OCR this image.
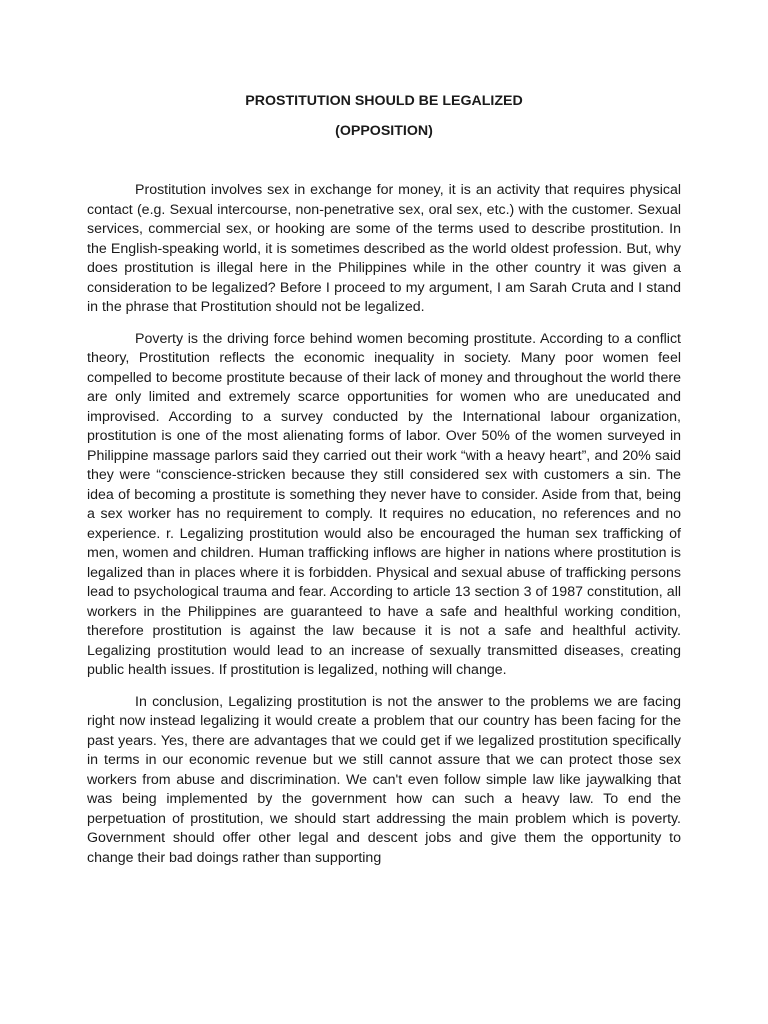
PROSTITUTION SHOULD BE LEGALIZED
(OPPOSITION)

Prostitution involves sex in exchange for money, it is an activity that requires physical contact (e.g. Sexual intercourse, non-penetrative sex, oral sex, etc.) with the customer. Sexual services, commercial sex, or hooking are some of the terms used to describe prostitution. In the English-speaking world, it is sometimes described as the world oldest profession. But, why does prostitution is illegal here in the Philippines while in the other country it was given a consideration to be legalized? Before I proceed to my argument, I am Sarah Cruta and I stand in the phrase that Prostitution should not be legalized.

Poverty is the driving force behind women becoming prostitute. According to a conflict theory, Prostitution reflects the economic inequality in society. Many poor women feel compelled to become prostitute because of their lack of money and throughout the world there are only limited and extremely scarce opportunities for women who are uneducated and improvised. According to a survey conducted by the International labour organization, prostitution is one of the most alienating forms of labor. Over 50% of the women surveyed in Philippine massage parlors said they carried out their work “with a heavy heart”, and 20% said they were “conscience-stricken because they still considered sex with customers a sin. The idea of becoming a prostitute is something they never have to consider. Aside from that, being a sex worker has no requirement to comply. It requires no education, no references and no experience. r. Legalizing prostitution would also be encouraged the human sex trafficking of men, women and children. Human trafficking inflows are higher in nations where prostitution is legalized than in places where it is forbidden. Physical and sexual abuse of trafficking persons lead to psychological trauma and fear. According to article 13 section 3 of 1987 constitution, all workers in the Philippines are guaranteed to have a safe and healthful working condition, therefore prostitution is against the law because it is not a safe and healthful activity. Legalizing prostitution would lead to an increase of sexually transmitted diseases, creating public health issues. If prostitution is legalized, nothing will change.

In conclusion, Legalizing prostitution is not the answer to the problems we are facing right now instead legalizing it would create a problem that our country has been facing for the past years. Yes, there are advantages that we could get if we legalized prostitution specifically in terms in our economic revenue but we still cannot assure that we can protect those sex workers from abuse and discrimination. We can't even follow simple law like jaywalking that was being implemented by the government how can such a heavy law. To end the perpetuation of prostitution, we should start addressing the main problem which is poverty. Government should offer other legal and descent jobs and give them the opportunity to change their bad doings rather than supporting
